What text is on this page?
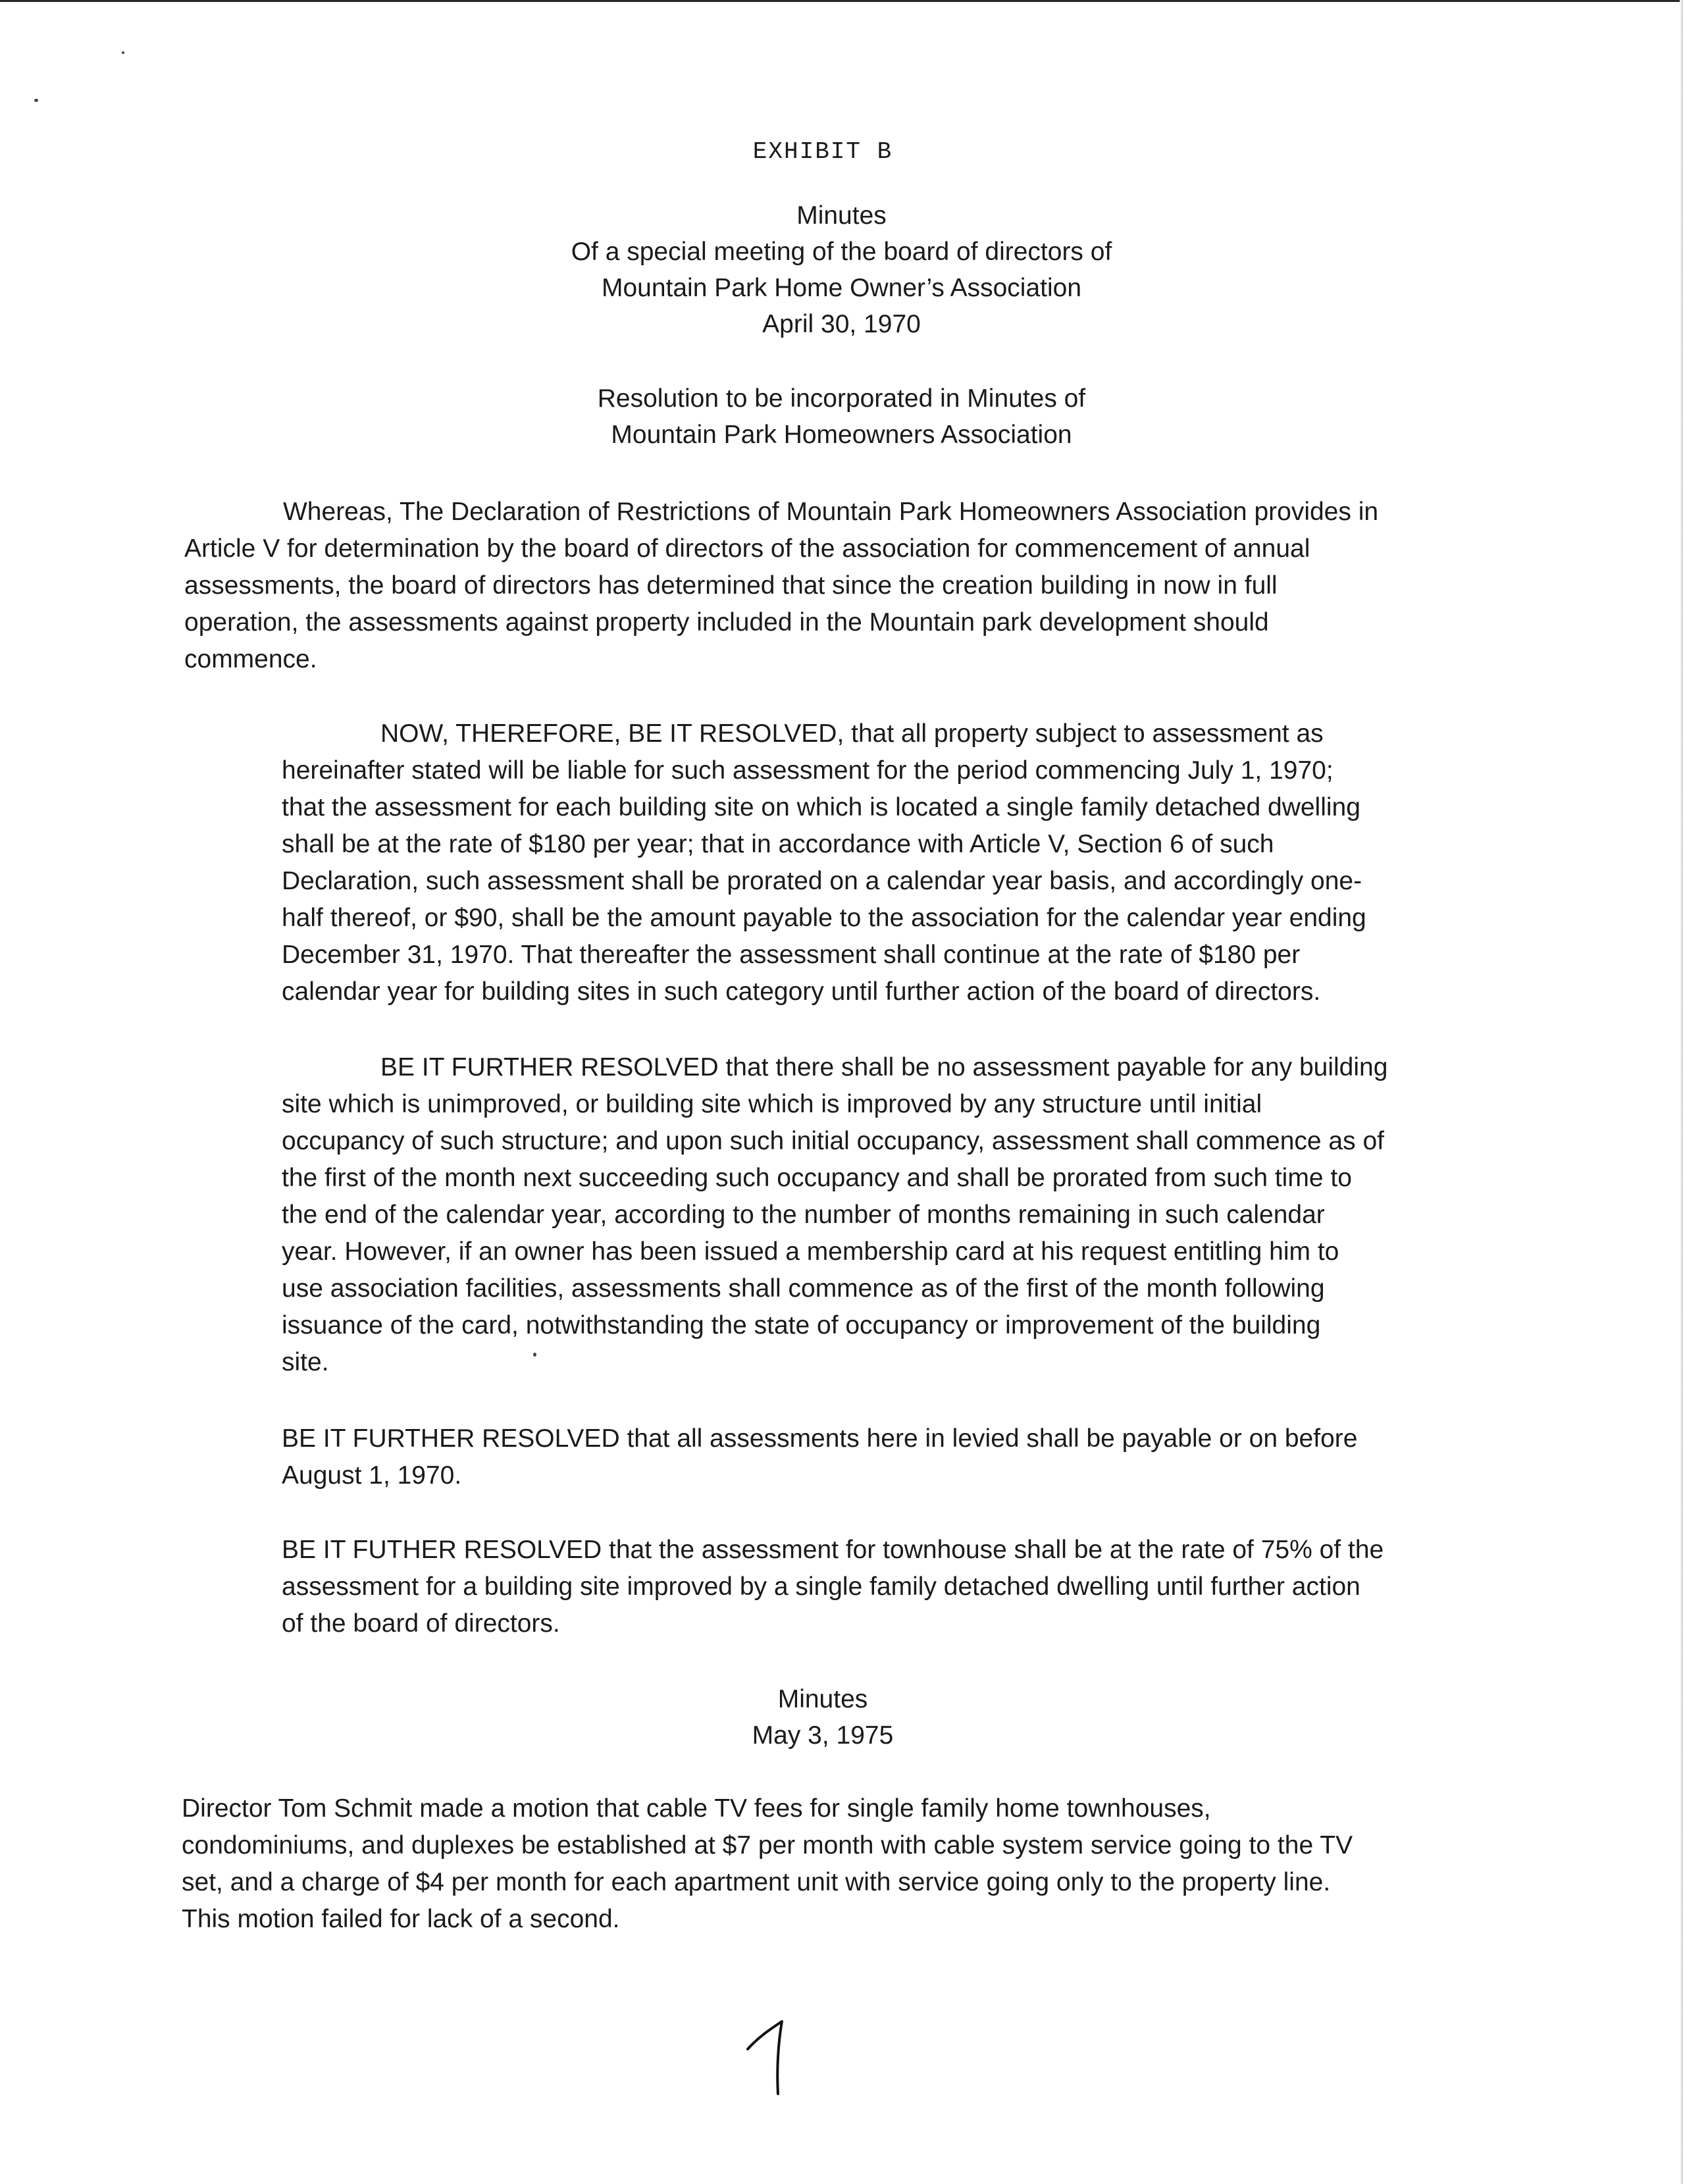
EXHIBIT B
Minutes
Of a special meeting of the board of directors of
Mountain Park Home Owner’s Association
April 30, 1970
Resolution to be incorporated in Minutes of
Mountain Park Homeowners Association
Whereas, The Declaration of Restrictions of Mountain Park Homeowners Association provides in
Article V for determination by the board of directors of the association for commencement of annual
assessments, the board of directors has determined that since the creation building in now in full
operation, the assessments against property included in the Mountain park development should
commence.
NOW, THEREFORE, BE IT RESOLVED, that all property subject to assessment as
hereinafter stated will be liable for such assessment for the period commencing July 1, 1970;
that the assessment for each building site on which is located a single family detached dwelling
shall be at the rate of $180 per year; that in accordance with Article V, Section 6 of such
Declaration, such assessment shall be prorated on a calendar year basis, and accordingly one-
half thereof, or $90, shall be the amount payable to the association for the calendar year ending
December 31, 1970. That thereafter the assessment shall continue at the rate of $180 per
calendar year for building sites in such category until further action of the board of directors.
BE IT FURTHER RESOLVED that there shall be no assessment payable for any building
site which is unimproved, or building site which is improved by any structure until initial
occupancy of such structure; and upon such initial occupancy, assessment shall commence as of
the first of the month next succeeding such occupancy and shall be prorated from such time to
the end of the calendar year, according to the number of months remaining in such calendar
year. However, if an owner has been issued a membership card at his request entitling him to
use association facilities, assessments shall commence as of the first of the month following
issuance of the card, notwithstanding the state of occupancy or improvement of the building
site.
BE IT FURTHER RESOLVED that all assessments here in levied shall be payable or on before
August 1, 1970.
BE IT FUTHER RESOLVED that the assessment for townhouse shall be at the rate of 75% of the
assessment for a building site improved by a single family detached dwelling until further action
of the board of directors.
Minutes
May 3, 1975
Director Tom Schmit made a motion that cable TV fees for single family home townhouses,
condominiums, and duplexes be established at $7 per month with cable system service going to the TV
set, and a charge of $4 per month for each apartment unit with service going only to the property line.
This motion failed for lack of a second.
